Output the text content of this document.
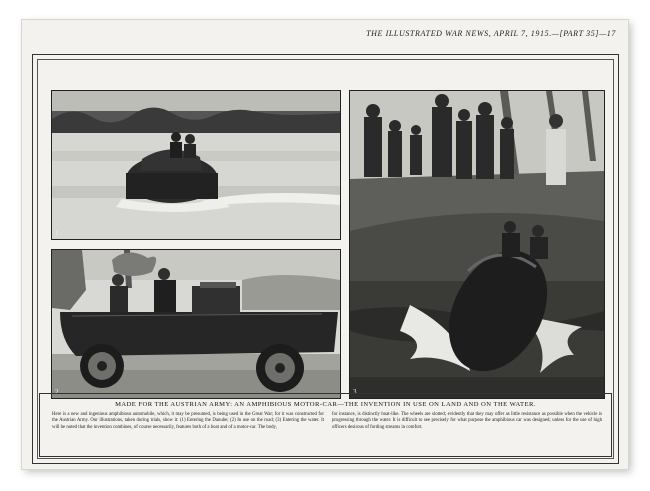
THE ILLUSTRATED WAR NEWS, APRIL 7, 1915.—[PART 35]—17
1
2	3
MADE FOR THE AUSTRIAN ARMY: AN AMPHIBIOUS MOTOR-CAR—THE INVENTION IN USE ON LAND AND ON THE WATER.
Here is a new and ingenious amphibious automobile, which, it may be presumed, is being used in the Great War; for it was constructed for the Austrian Army. Our illustrations, taken during trials, show it: (1) Entering the Danube; (2) In use on the road; (3) Entering the water. It will be noted that the invention combines, of course necessarily, features both of a boat and of a motor-car. The body,
for instance, is distinctly boat-like. The wheels are slotted; evidently that they may offer as little resistance as possible when the vehicle is progressing through the water. It is difficult to see precisely for what purpose the amphibious car was designed; unless for the use of high officers desirous of fording streams in comfort.
